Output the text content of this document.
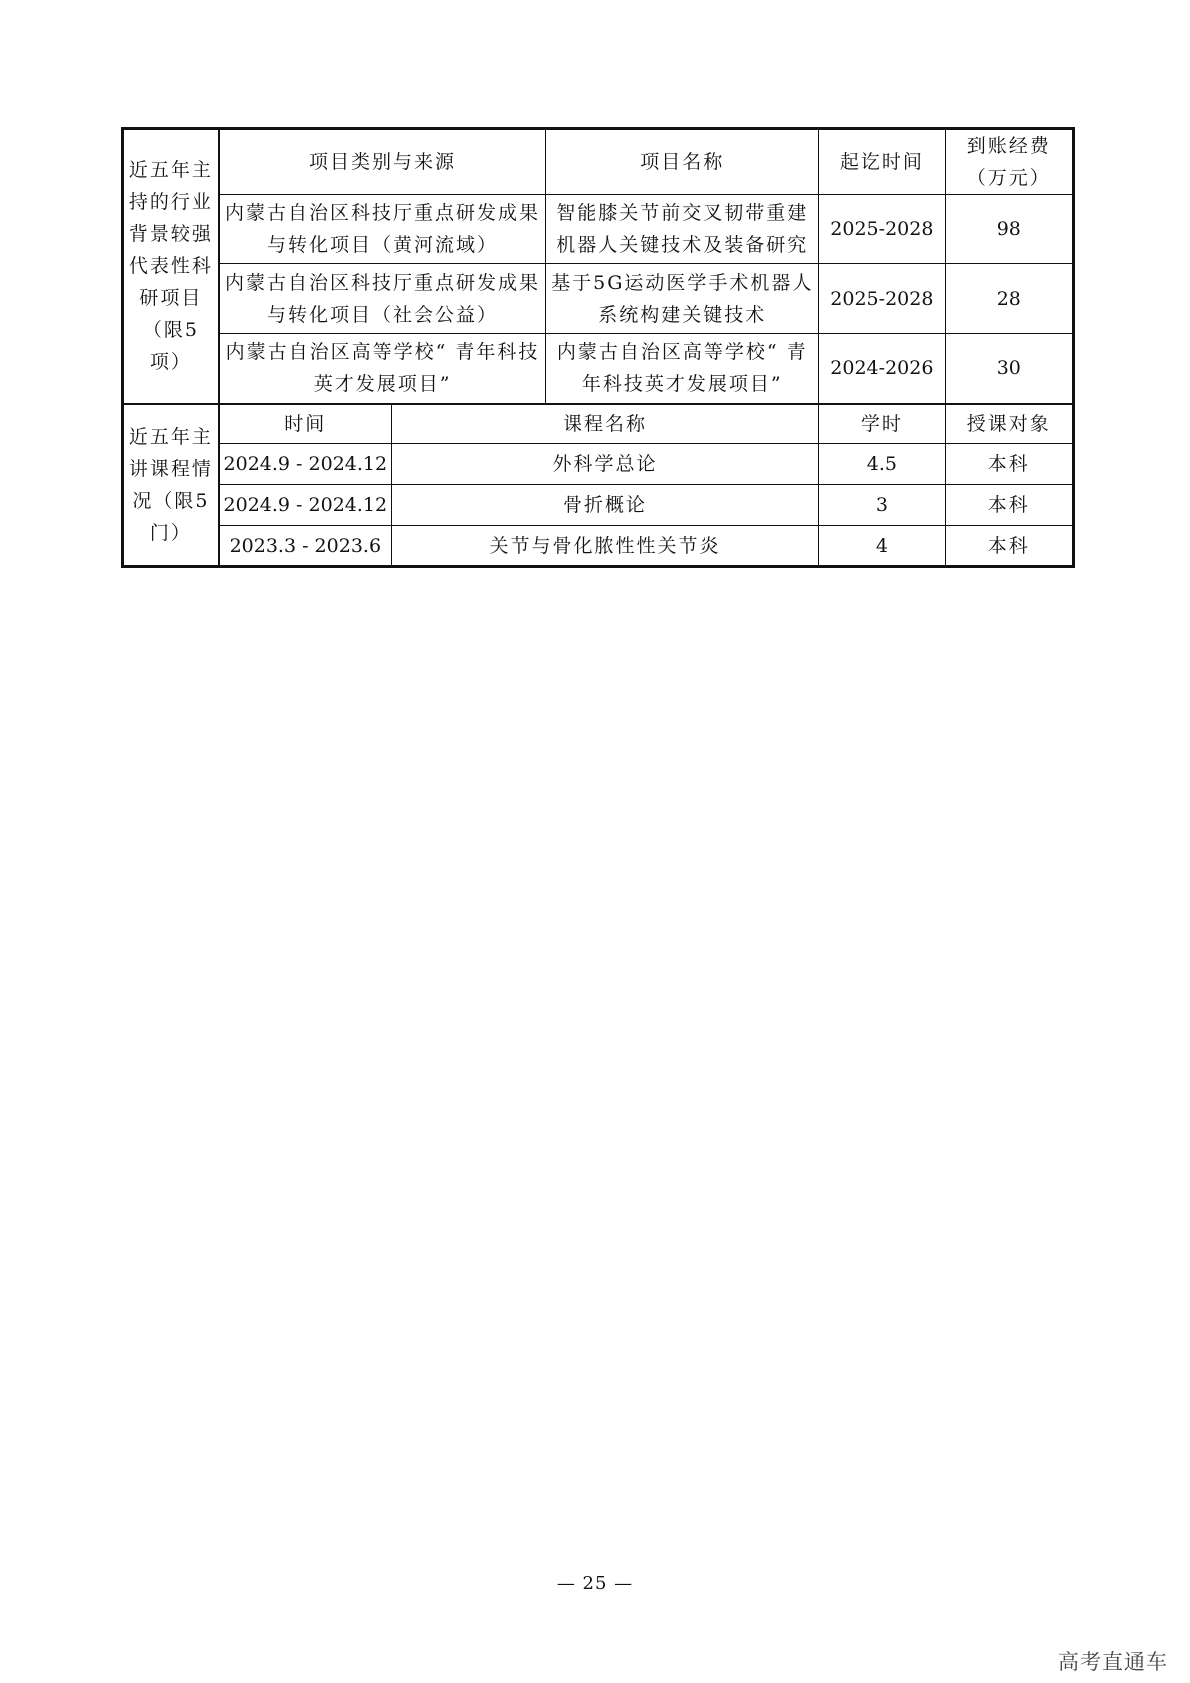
近五年主持的行业背景较强代表性科研项目（限5项）	项目类别与来源		项目名称	起讫时间	到账经费（万元）
	内蒙古自治区科技厅重点研发成果与转化项目（黄河流域）		智能膝关节前交叉韧带重建机器人关键技术及装备研究	2025-2028	98
	内蒙古自治区科技厅重点研发成果与转化项目（社会公益）		基于5G运动医学手术机器人系统构建关键技术	2025-2028	28
	内蒙古自治区高等学校“ 青年科技英才发展项目”		内蒙古自治区高等学校“ 青年科技英才发展项目”	2024-2026	30
近五年主讲课程情况（限5门）	时间	课程名称		学时	授课对象
	2024.9 - 2024.12	外科学总论		4.5	本科
	2024.9 - 2024.12	骨折概论		3	本科
	2023.3 - 2023.6	关节与骨化脓性性关节炎		4	本科
— 25 —
高考直通车
